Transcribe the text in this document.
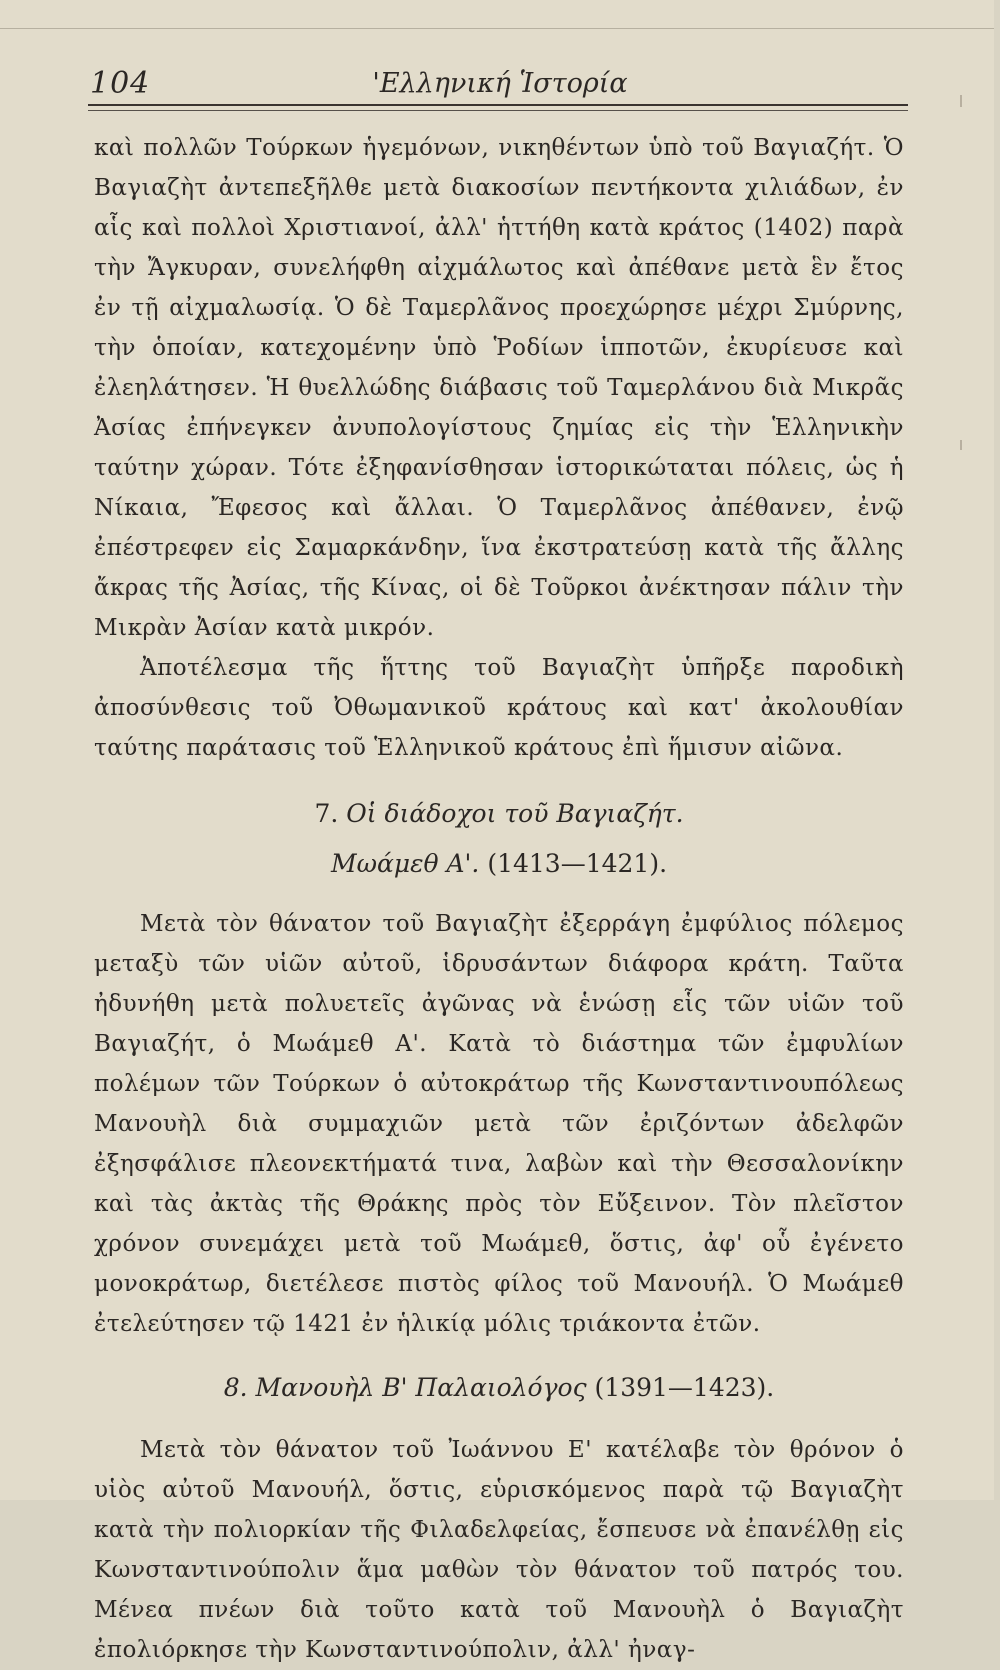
104	'Ελληνική Ἱστορία

καὶ πολλῶν Τούρκων ἡγεμόνων, νικηθέντων ὑπὸ τοῦ Βαγιαζήτ. Ὁ Βαγιαζὴτ ἀντεπεξῆλθε μετὰ διακοσίων πεντήκοντα χιλιάδων, ἐν αἷς καὶ πολλοὶ Χριστιανοί, ἀλλ' ἡττήθη κατὰ κράτος (1402) παρὰ τὴν Ἄγκυραν, συνελήφθη αἰχμάλωτος καὶ ἀπέθανε μετὰ ἓν ἔτος ἐν τῇ αἰχμαλωσίᾳ. Ὁ δὲ Ταμερλᾶνος προεχώρησε μέχρι Σμύρνης, τὴν ὁποίαν, κατεχομένην ὑπὸ Ῥοδίων ἱπποτῶν, ἐκυρίευσε καὶ ἐλεηλάτησεν. Ἡ θυελλώδης διάβασις τοῦ Ταμερλάνου διὰ Μικρᾶς Ἀσίας ἐπήνεγκεν ἀνυπολογίστους ζημίας εἰς τὴν Ἑλληνικὴν ταύτην χώραν. Τότε ἐξηφανίσθησαν ἱστορικώταται πόλεις, ὡς ἡ Νίκαια, Ἔφεσος καὶ ἄλλαι. Ὁ Ταμερλᾶνος ἀπέθανεν, ἐνῷ ἐπέστρεφεν εἰς Σαμαρκάνδην, ἵνα ἐκστρατεύσῃ κατὰ τῆς ἄλλης ἄκρας τῆς Ἀσίας, τῆς Κίνας, οἱ δὲ Τοῦρκοι ἀνέκτησαν πάλιν τὴν Μικρὰν Ἀσίαν κατὰ μικρόν.

Ἀποτέλεσμα τῆς ἥττης τοῦ Βαγιαζὴτ ὑπῆρξε παροδικὴ ἀποσύνθεσις τοῦ Ὀθωμανικοῦ κράτους καὶ κατ' ἀκολουθίαν ταύτης παράτασις τοῦ Ἑλληνικοῦ κράτους ἐπὶ ἥμισυν αἰῶνα.

7. Οἱ διάδοχοι τοῦ Βαγιαζήτ.
Μωάμεθ Α'. (1413—1421).

Μετὰ τὸν θάνατον τοῦ Βαγιαζὴτ ἐξερράγη ἐμφύλιος πόλεμος μεταξὺ τῶν υἱῶν αὐτοῦ, ἱδρυσάντων διάφορα κράτη. Ταῦτα ἠδυνήθη μετὰ πολυετεῖς ἀγῶνας νὰ ἑνώσῃ εἷς τῶν υἱῶν τοῦ Βαγιαζήτ, ὁ Μωάμεθ Α'. Κατὰ τὸ διάστημα τῶν ἐμφυλίων πολέμων τῶν Τούρκων ὁ αὐτοκράτωρ τῆς Κωνσταντινουπόλεως Μανουὴλ διὰ συμμαχιῶν μετὰ τῶν ἐριζόντων ἀδελφῶν ἐξησφάλισε πλεονεκτήματά τινα, λαβὼν καὶ τὴν Θεσσαλονίκην καὶ τὰς ἀκτὰς τῆς Θράκης πρὸς τὸν Εὔξεινον. Τὸν πλεῖστον χρόνον συνεμάχει μετὰ τοῦ Μωάμεθ, ὅστις, ἀφ' οὗ ἐγένετο μονοκράτωρ, διετέλεσε πιστὸς φίλος τοῦ Μανουήλ. Ὁ Μωάμεθ ἐτελεύτησεν τῷ 1421 ἐν ἡλικίᾳ μόλις τριάκοντα ἐτῶν.

8. Μανουὴλ Β' Παλαιολόγος (1391—1423).

Μετὰ τὸν θάνατον τοῦ Ἰωάννου Ε' κατέλαβε τὸν θρόνον ὁ υἱὸς αὐτοῦ Μανουήλ, ὅστις, εὑρισκόμενος παρὰ τῷ Βαγιαζὴτ κατὰ τὴν πολιορκίαν τῆς Φιλαδελφείας, ἔσπευσε νὰ ἐπανέλθῃ εἰς Κωνσταντινούπολιν ἅμα μαθὼν τὸν θάνατον τοῦ πατρός του. Μένεα πνέων διὰ τοῦτο κατὰ τοῦ Μανουὴλ ὁ Βαγιαζὴτ ἐπολιόρκησε τὴν Κωνσταντινούπολιν, ἀλλ' ἠναγ-
